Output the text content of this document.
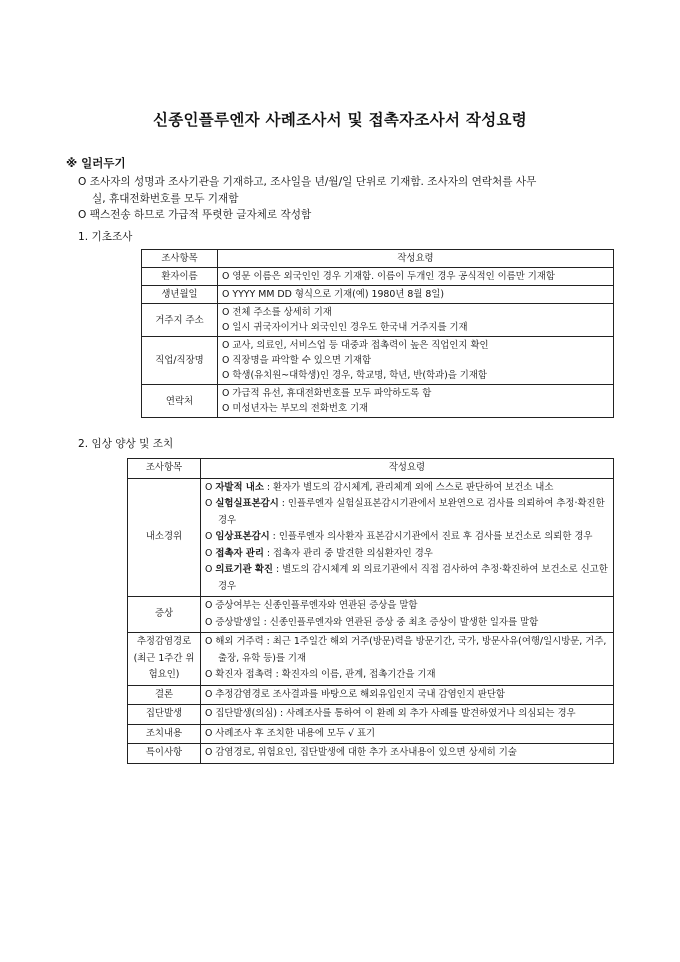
신종인플루엔자 사례조사서 및 접촉자조사서 작성요령
※ 일러두기
O 조사자의 성명과 조사기관을 기재하고, 조사일을 년/월/일 단위로 기재함. 조사자의 연락처를 사무
실, 휴대전화번호를 모두 기재함
O 팩스전송 하므로 가급적 뚜렷한 글자체로 작성함
1. 기초조사
조사항목	작성요령
환자이름	O 영문 이름은 외국인인 경우 기재함. 이름이 두개인 경우 공식적인 이름만 기재함

생년월일	O YYYY MM DD 형식으로 기재(예) 1980년 8월 8일)

거주지 주소	O 전체 주소를 상세히 기재
O 일시 귀국자이거나 외국인인 경우도 한국내 거주지를 기재

직업/직장명	O 교사, 의료인, 서비스업 등 대중과 접촉력이 높은 직업인지 확인
O 직장명을 파악할 수 있으면 기재함
O 학생(유치원~대학생)인 경우, 학교명, 학년, 반(학과)을 기재함

연락처	O 가급적 유선, 휴대전화번호를 모두 파악하도록 함
O 미성년자는 부모의 전화번호 기재
2. 임상 양상 및 조치
조사항목	작성요령
내소경위	O 자발적 내소 : 환자가 별도의 감시체계, 관리체계 외에 스스로 판단하여 보건소 내소
O 실험실표본감시 : 인플루엔자 실험실표본감시기관에서 보완연으로 검사를 의뢰하여 추정·확진한 경우
O 임상표본감시 : 인플루엔자 의사환자 표본감시기관에서 진료 후 검사를 보건소로 의뢰한 경우
O 접촉자 관리 : 접촉자 관리 중 발견한 의심환자인 경우
O 의료기관 확진 : 별도의 감시체계 외 의료기관에서 직접 검사하여 추정·확진하여 보건소로 신고한 경우

증상	O 증상여부는 신종인플루엔자와 연관된 증상을 말함
O 증상발생일 : 신종인플루엔자와 연관된 증상 중 최초 증상이 발생한 일자를 말함

추정감염경로(최근 1주간 위험요인)	O 해외 거주력 : 최근 1주일간 해외 거주(방문)력을 방문기간, 국가, 방문사유(여행/일시방문, 거주, 출장, 유학 등)를 기재
O 확진자 접촉력 : 확진자의 이름, 관계, 접촉기간을 기재

결론	O 추정감염경로 조사결과를 바탕으로 해외유입인지 국내 감염인지 판단함

집단발생	O 집단발생(의심) : 사례조사를 통하여 이 환례 외 추가 사례를 발견하였거나 의심되는 경우

조치내용	O 사례조사 후 조치한 내용에 모두 √ 표기

특이사항	O 감염경로, 위험요인, 집단발생에 대한 추가 조사내용이 있으면 상세히 기술
